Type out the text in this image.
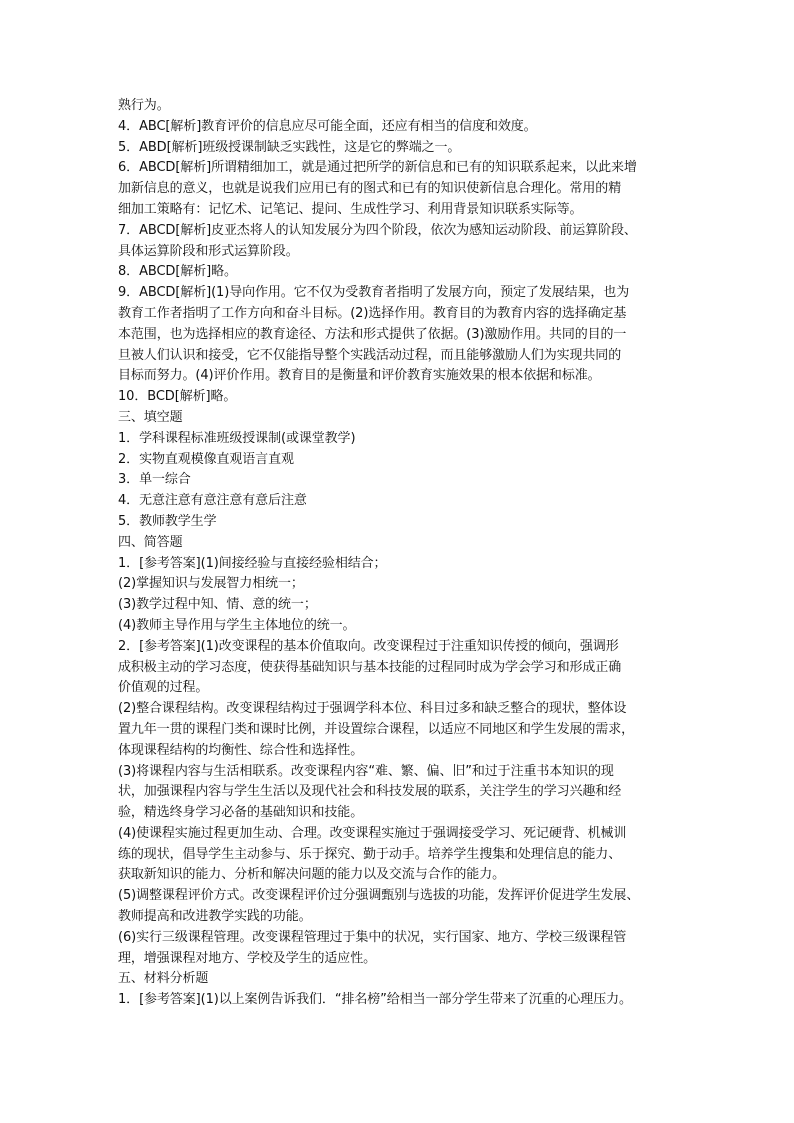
熟行为。
4．ABC[解析]教育评价的信息应尽可能全面，还应有相当的信度和效度。
5．ABD[解析]班级授课制缺乏实践性，这是它的弊端之一。
6．ABCD[解析]所谓精细加工，就是通过把所学的新信息和已有的知识联系起来，以此来增
加新信息的意义，也就是说我们应用已有的图式和已有的知识使新信息合理化。常用的精
细加工策略有：记忆术、记笔记、提问、生成性学习、利用背景知识联系实际等。
7．ABCD[解析]皮亚杰将人的认知发展分为四个阶段，依次为感知运动阶段、前运算阶段、
具体运算阶段和形式运算阶段。
8．ABCD[解析]略。
9．ABCD[解析](1)导向作用。它不仅为受教育者指明了发展方向，预定了发展结果，也为
教育工作者指明了工作方向和奋斗目标。(2)选择作用。教育目的为教育内容的选择确定基
本范围，也为选择相应的教育途径、方法和形式提供了依据。(3)激励作用。共同的目的一
旦被人们认识和接受，它不仅能指导整个实践活动过程，而且能够激励人们为实现共同的
目标而努力。(4)评价作用。教育目的是衡量和评价教育实施效果的根本依据和标准。
10．BCD[解析]略。
三、填空题
1．学科课程标准班级授课制(或课堂教学)
2．实物直观模像直观语言直观
3．单一综合
4．无意注意有意注意有意后注意
5．教师教学生学
四、简答题
1．[参考答案](1)间接经验与直接经验相结合；
(2)掌握知识与发展智力相统一；
(3)教学过程中知、情、意的统一；
(4)教师主导作用与学生主体地位的统一。
2．[参考答案](1)改变课程的基本价值取向。改变课程过于注重知识传授的倾向，强调形
成积极主动的学习态度，使获得基础知识与基本技能的过程同时成为学会学习和形成正确
价值观的过程。
(2)整合课程结构。改变课程结构过于强调学科本位、科目过多和缺乏整合的现状，整体设
置九年一贯的课程门类和课时比例，并设置综合课程，以适应不同地区和学生发展的需求，
体现课程结构的均衡性、综合性和选择性。
(3)将课程内容与生活相联系。改变课程内容“难、繁、偏、旧”和过于注重书本知识的现
状，加强课程内容与学生生活以及现代社会和科技发展的联系，关注学生的学习兴趣和经
验，精选终身学习必备的基础知识和技能。
(4)使课程实施过程更加生动、合理。改变课程实施过于强调接受学习、死记硬背、机械训
练的现状，倡导学生主动参与、乐于探究、勤于动手。培养学生搜集和处理信息的能力、
获取新知识的能力、分析和解决问题的能力以及交流与合作的能力。
(5)调整课程评价方式。改变课程评价过分强调甄别与选拔的功能，发挥评价促进学生发展、
教师提高和改进教学实践的功能。
(6)实行三级课程管理。改变课程管理过于集中的状况，实行国家、地方、学校三级课程管
理，增强课程对地方、学校及学生的适应性。
五、材料分析题
1．[参考答案](1)以上案例告诉我们．“排名榜”给相当一部分学生带来了沉重的心理压力。
